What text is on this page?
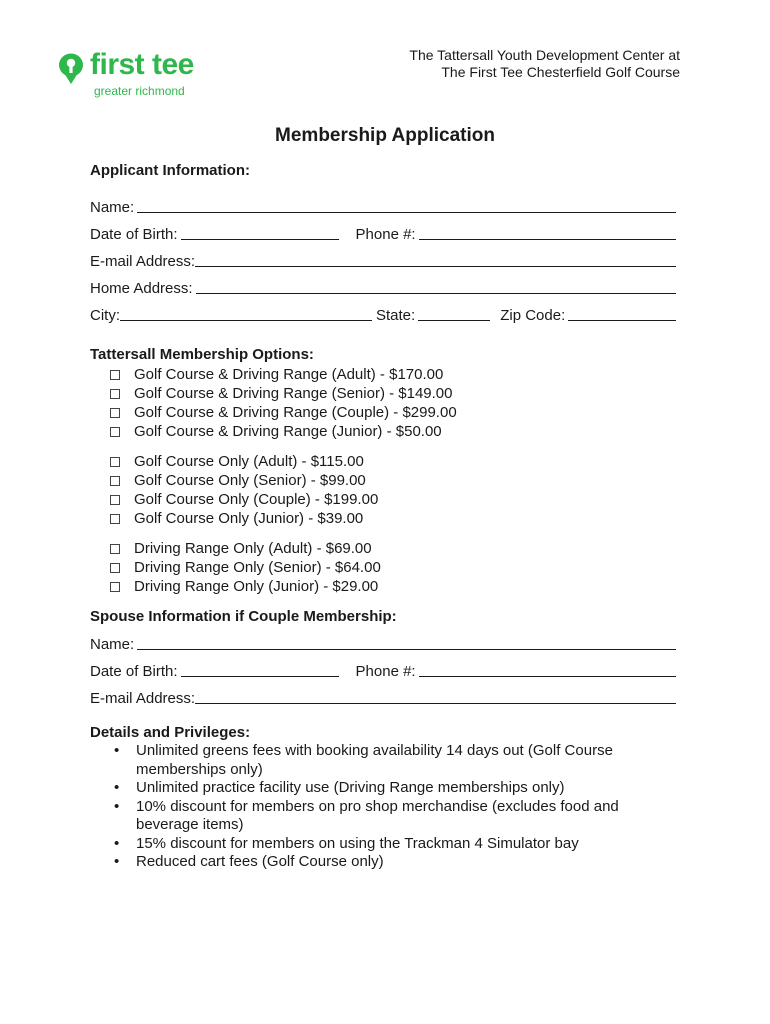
first tee
greater richmond
The Tattersall Youth Development Center at
The First Tee Chesterfield Golf Course
Membership Application
Applicant Information:
Name:
Date of Birth:	Phone #:
E-mail Address:
Home Address:
City:	State:	Zip Code:
Tattersall Membership Options:
Golf Course & Driving Range (Adult) - $170.00
Golf Course & Driving Range (Senior) - $149.00
Golf Course & Driving Range (Couple) - $299.00
Golf Course & Driving Range (Junior) - $50.00
Golf Course Only (Adult) - $115.00
Golf Course Only (Senior) - $99.00
Golf Course Only (Couple) - $199.00
Golf Course Only (Junior) - $39.00
Driving Range Only (Adult) - $69.00
Driving Range Only (Senior) - $64.00
Driving Range Only (Junior) - $29.00
Spouse Information if Couple Membership:
Name:
Date of Birth:	Phone #:
E-mail Address:
Details and Privileges:
•	Unlimited greens fees with booking availability 14 days out (Golf Course memberships only)
•	Unlimited practice facility use (Driving Range memberships only)
•	10% discount for members on pro shop merchandise (excludes food and beverage items)
•	15% discount for members on using the Trackman 4 Simulator bay
•	Reduced cart fees (Golf Course only)
